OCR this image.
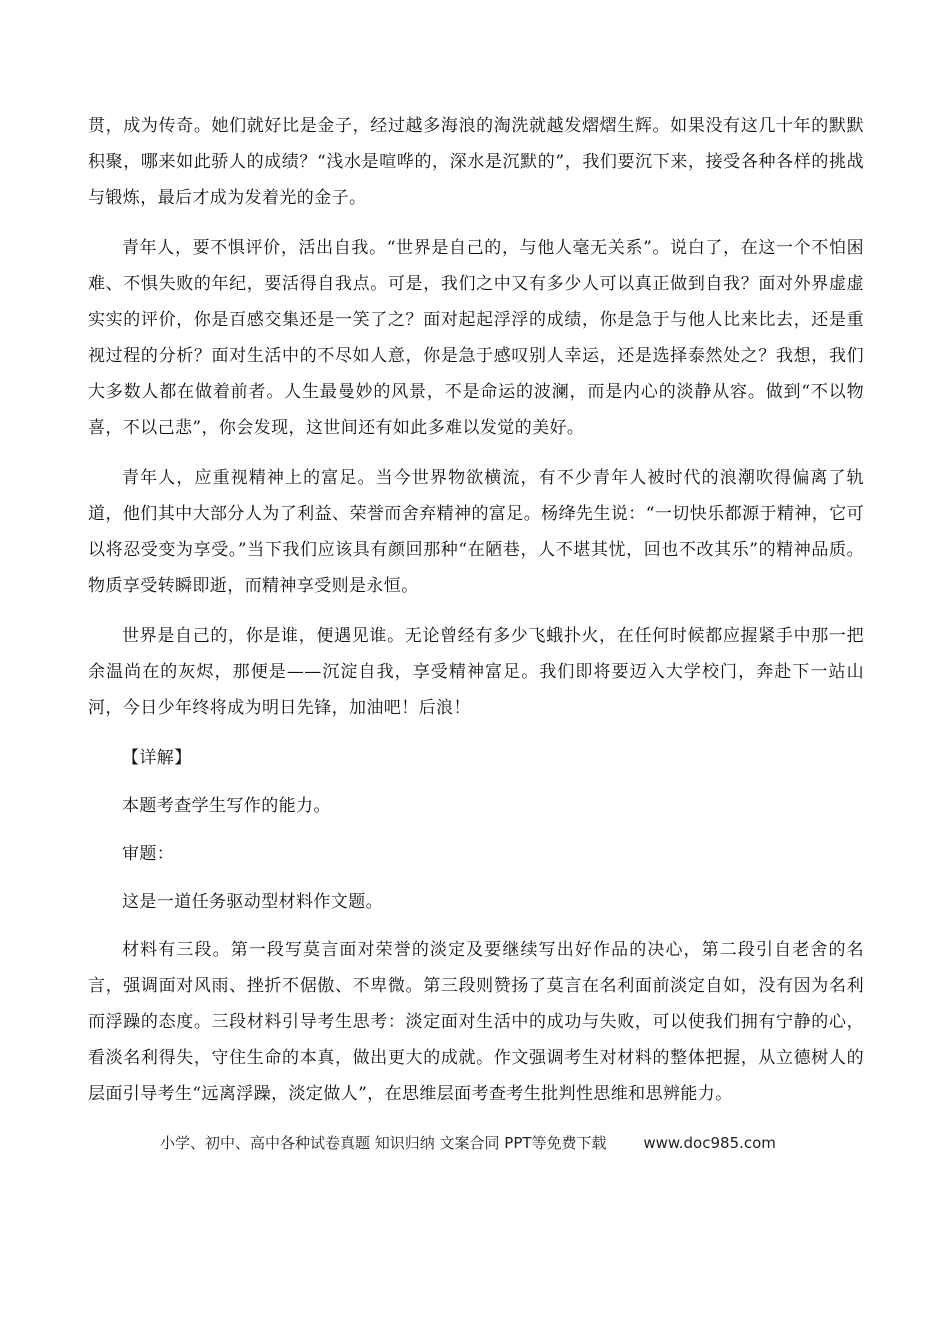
贯，成为传奇。她们就好比是金子，经过越多海浪的淘洗就越发熠熠生辉。如果没有这几十年的默默积聚，哪来如此骄人的成绩？“浅水是喧哗的，深水是沉默的”，我们要沉下来，接受各种各样的挑战与锻炼，最后才成为发着光的金子。

青年人，要不惧评价，活出自我。“世界是自己的，与他人毫无关系”。说白了，在这一个不怕困难、不惧失败的年纪，要活得自我点。可是，我们之中又有多少人可以真正做到自我？面对外界虚虚实实的评价，你是百感交集还是一笑了之？面对起起浮浮的成绩，你是急于与他人比来比去，还是重视过程的分析？面对生活中的不尽如人意，你是急于感叹别人幸运，还是选择泰然处之？我想，我们大多数人都在做着前者。人生最曼妙的风景，不是命运的波澜，而是内心的淡静从容。做到“不以物喜，不以己悲”，你会发现，这世间还有如此多难以发觉的美好。

青年人，应重视精神上的富足。当今世界物欲横流，有不少青年人被时代的浪潮吹得偏离了轨道，他们其中大部分人为了利益、荣誉而舍弃精神的富足。杨绛先生说：“一切快乐都源于精神，它可以将忍受变为享受。”当下我们应该具有颜回那种“在陋巷，人不堪其忧，回也不改其乐”的精神品质。物质享受转瞬即逝，而精神享受则是永恒。

世界是自己的，你是谁，便遇见谁。无论曾经有多少飞蛾扑火，在任何时候都应握紧手中那一把余温尚在的灰烬，那便是——沉淀自我，享受精神富足。我们即将要迈入大学校门，奔赴下一站山河，今日少年终将成为明日先锋，加油吧！后浪！

【详解】

本题考查学生写作的能力。

审题：

这是一道任务驱动型材料作文题。

材料有三段。第一段写莫言面对荣誉的淡定及要继续写出好作品的决心，第二段引自老舍的名言，强调面对风雨、挫折不倨傲、不卑微。第三段则赞扬了莫言在名利面前淡定自如，没有因为名利而浮躁的态度。三段材料引导考生思考：淡定面对生活中的成功与失败，可以使我们拥有宁静的心，看淡名利得失，守住生命的本真，做出更大的成就。作文强调考生对材料的整体把握，从立德树人的层面引导考生“远离浮躁，淡定做人”，在思维层面考查考生批判性思维和思辨能力。

小学、初中、高中各种试卷真题 知识归纳 文案合同 PPT等免费下载 www.doc985.com
